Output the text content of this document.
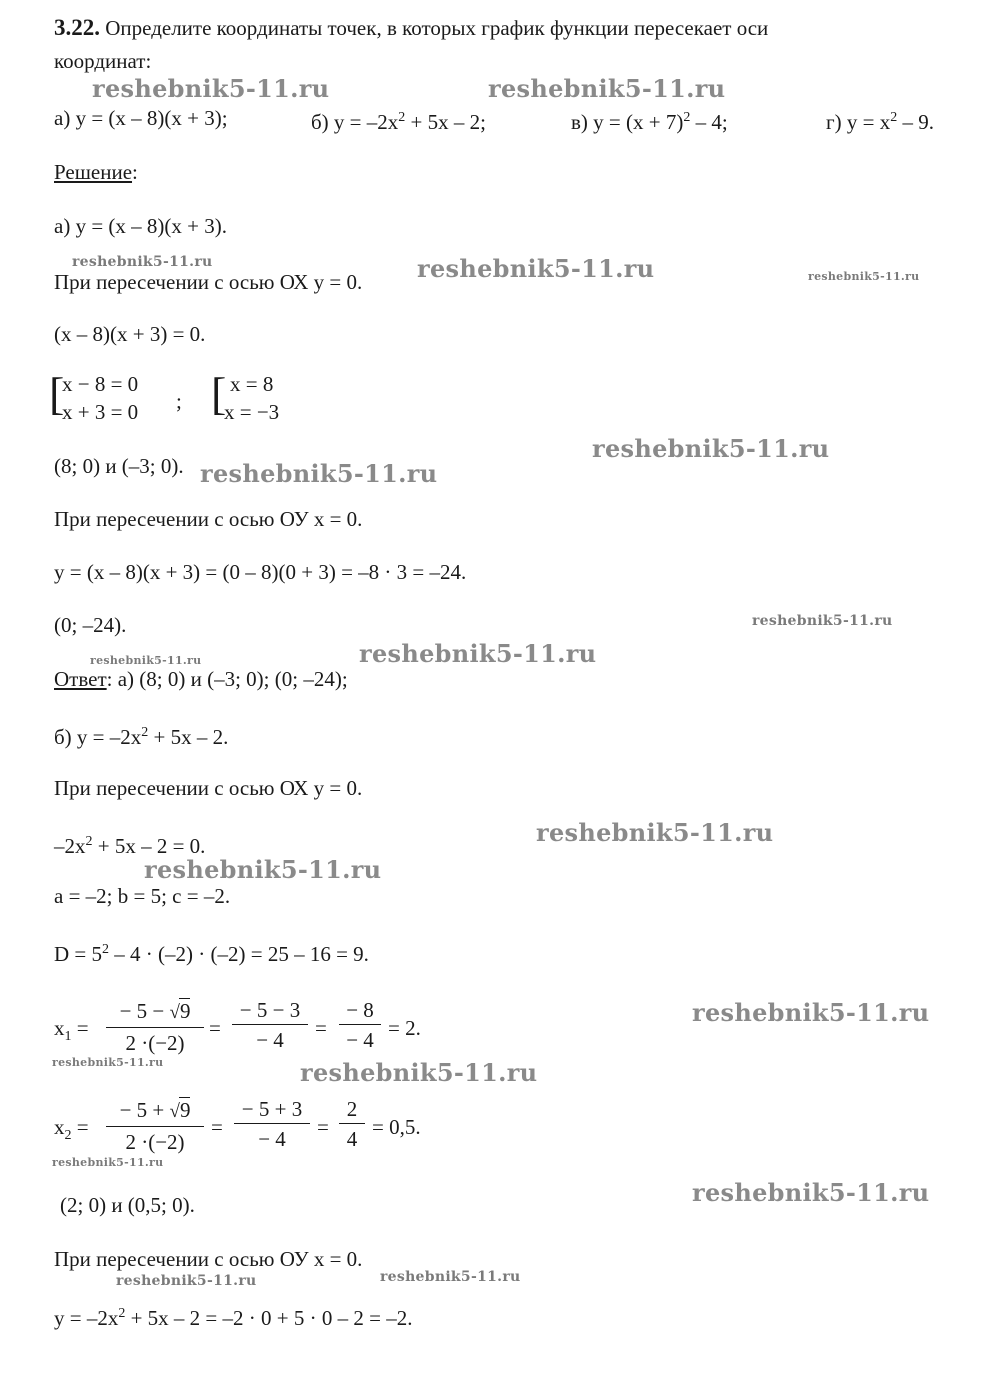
3.22. Определите координаты точек, в которых график функции пересекает оси
координат:
а) у = (х – 8)(х + 3);	б) $у = -2х^2 + 5х - 2$;	в) $у = (х + 7)^2 - 4$;	г) $у = х^2 - 9$.
Решение:
а) у = (х – 8)(х + 3).
При пересечении с осью ОХ у = 0.
(х – 8)(х + 3) = 0.
[
x − 8 = 0
x + 3 = 0 ; [ x = 8
x = −3
(8; 0) и (–3; 0).
При пересечении с осью ОУ х = 0.
у = (х – 8)(х + 3) = (0 – 8)(0 + 3) = –8 · 3 = –24.
(0; –24).
Ответ: а) (8; 0) и (–3; 0); (0; –24);
б) $у = -2х^2 + 5х - 2$.
При пересечении с осью ОХ у = 0.
$-2х^2 + 5х - 2 = 0$.
а = –2; b = 5; с = –2.
$D = 5^2 - 4 \cdot (-2) \cdot (-2) = 25 - 16 = 9$.
$x_1 = \frac{- 5 - √9}{2 \cdot(-2)} = \frac{- 5 - 3}{- 4} = \frac{- 8}{- 4} = 2$.
$x_2 = \frac{- 5 + √9}{2 \cdot(-2)} = \frac{- 5 + 3}{- 4} = \frac{2}{4} = 0,5$.
(2; 0) и (0,5; 0).
При пересечении с осью ОУ х = 0.
$у = -2х^2 + 5х - 2 = -2 \cdot 0 + 5 \cdot 0 - 2 = -2$.
reshebnik5-11.ru	reshebnik5-11.ru
reshebnik5-11.ru	reshebnik5-11.ru	reshebnik5-11.ru
reshebnik5-11.ru
reshebnik5-11.ru
reshebnik5-11.ru
reshebnik5-11.ru
reshebnik5-11.ru
reshebnik5-11.ru
reshebnik5-11.ru
reshebnik5-11.ru
reshebnik5-11.ru	reshebnik5-11.ru
reshebnik5-11.ru
reshebnik5-11.ru
reshebnik5-11.ru	reshebnik5-11.ru
